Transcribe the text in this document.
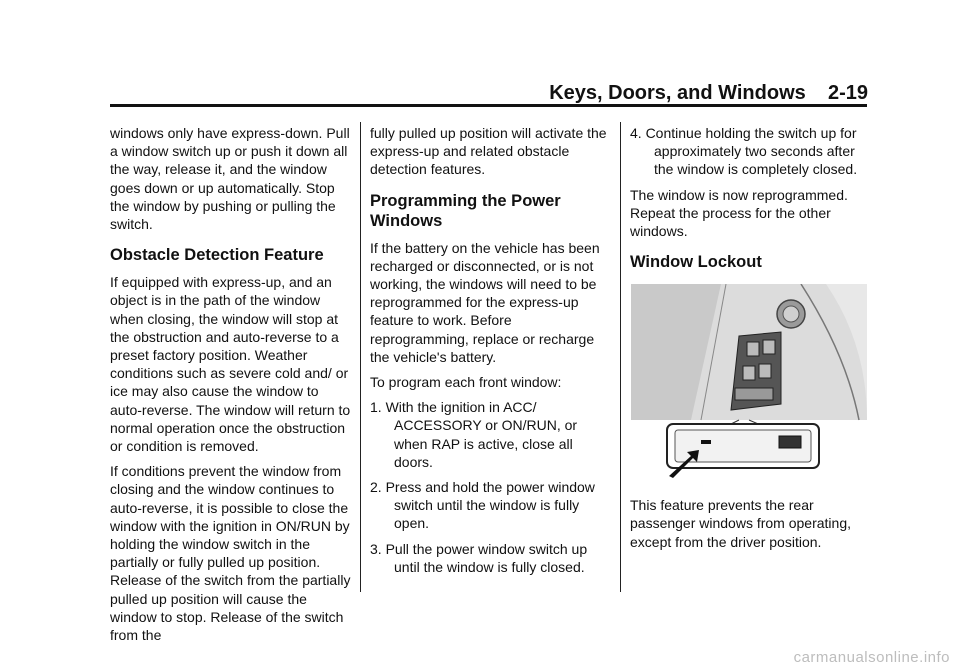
Keys, Doors, and Windows    2-19

windows only have express-down. Pull a window switch up or push it down all the way, release it, and the window goes down or up automatically. Stop the window by pushing or pulling the switch.

Obstacle Detection Feature

If equipped with express-up, and an object is in the path of the window when closing, the window will stop at the obstruction and auto-reverse to a preset factory position. Weather conditions such as severe cold and/ or ice may also cause the window to auto-reverse. The window will return to normal operation once the obstruction or condition is removed.

If conditions prevent the window from closing and the window continues to auto-reverse, it is possible to close the window with the ignition in ON/RUN by holding the window switch in the partially or fully pulled up position. Release of the switch from the partially pulled up position will cause the window to stop. Release of the switch from the

fully pulled up position will activate the express-up and related obstacle detection features.

Programming the Power Windows

If the battery on the vehicle has been recharged or disconnected, or is not working, the windows will need to be reprogrammed for the express-up feature to work. Before reprogramming, replace or recharge the vehicle's battery.

To program each front window:

1. With the ignition in ACC/ ACCESSORY or ON/RUN, or when RAP is active, close all doors.
2. Press and hold the power window switch until the window is fully open.
3. Pull the power window switch up until the window is fully closed.
4. Continue holding the switch up for approximately two seconds after the window is completely closed.

The window is now reprogrammed. Repeat the process for the other windows.

Window Lockout

This feature prevents the rear passenger windows from operating, except from the driver position.

carmanualsonline.info
